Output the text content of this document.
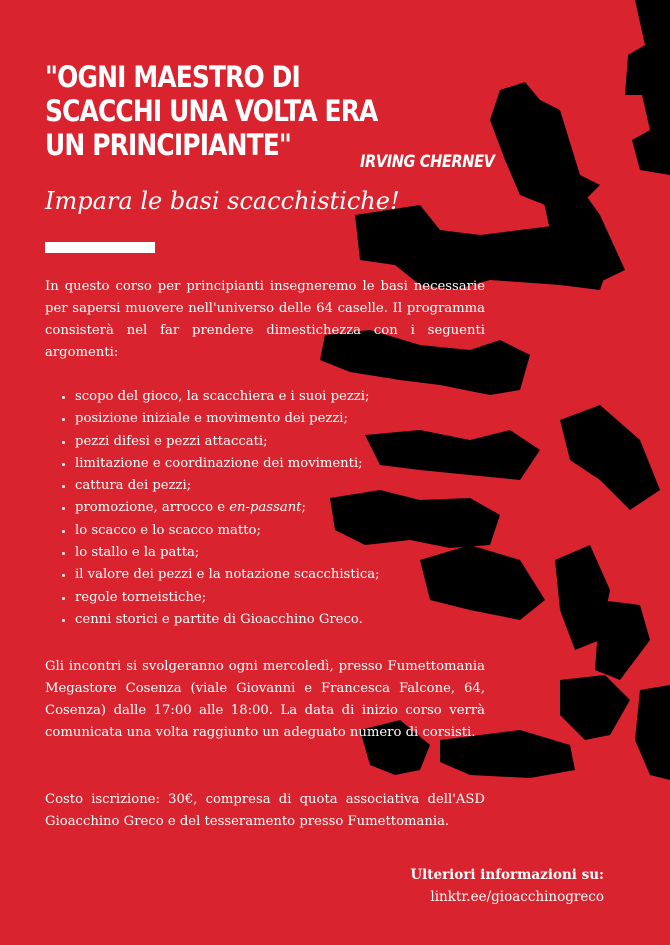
"OGNI MAESTRO DI SCACCHI UNA VOLTA ERA UN PRINCIPIANTE"	IRVING CHERNEV
Impara le basi scacchistiche!

In questo corso per principianti insegneremo le basi necessarie per sapersi muovere nell'universo delle 64 caselle. Il programma consisterà nel far prendere dimestichezza con i seguenti argomenti:

• scopo del gioco, la scacchiera e i suoi pezzi;
• posizione iniziale e movimento dei pezzi;
• pezzi difesi e pezzi attaccati;
• limitazione e coordinazione dei movimenti;
• cattura dei pezzi;
• promozione, arrocco e en-passant;
• lo scacco e lo scacco matto;
• lo stallo e la patta;
• il valore dei pezzi e la notazione scacchistica;
• regole torneistiche;
• cenni storici e partite di Gioacchino Greco.

Gli incontri si svolgeranno ogni mercoledì, presso Fumettomania Megastore Cosenza (viale Giovanni e Francesca Falcone, 64, Cosenza) dalle 17:00 alle 18:00. La data di inizio corso verrà comunicata una volta raggiunto un adeguato numero di corsisti.

Costo iscrizione: 30€, compresa di quota associativa dell'ASD Gioacchino Greco e del tesseramento presso Fumettomania.

Ulteriori informazioni su:
linktr.ee/gioacchinogreco
